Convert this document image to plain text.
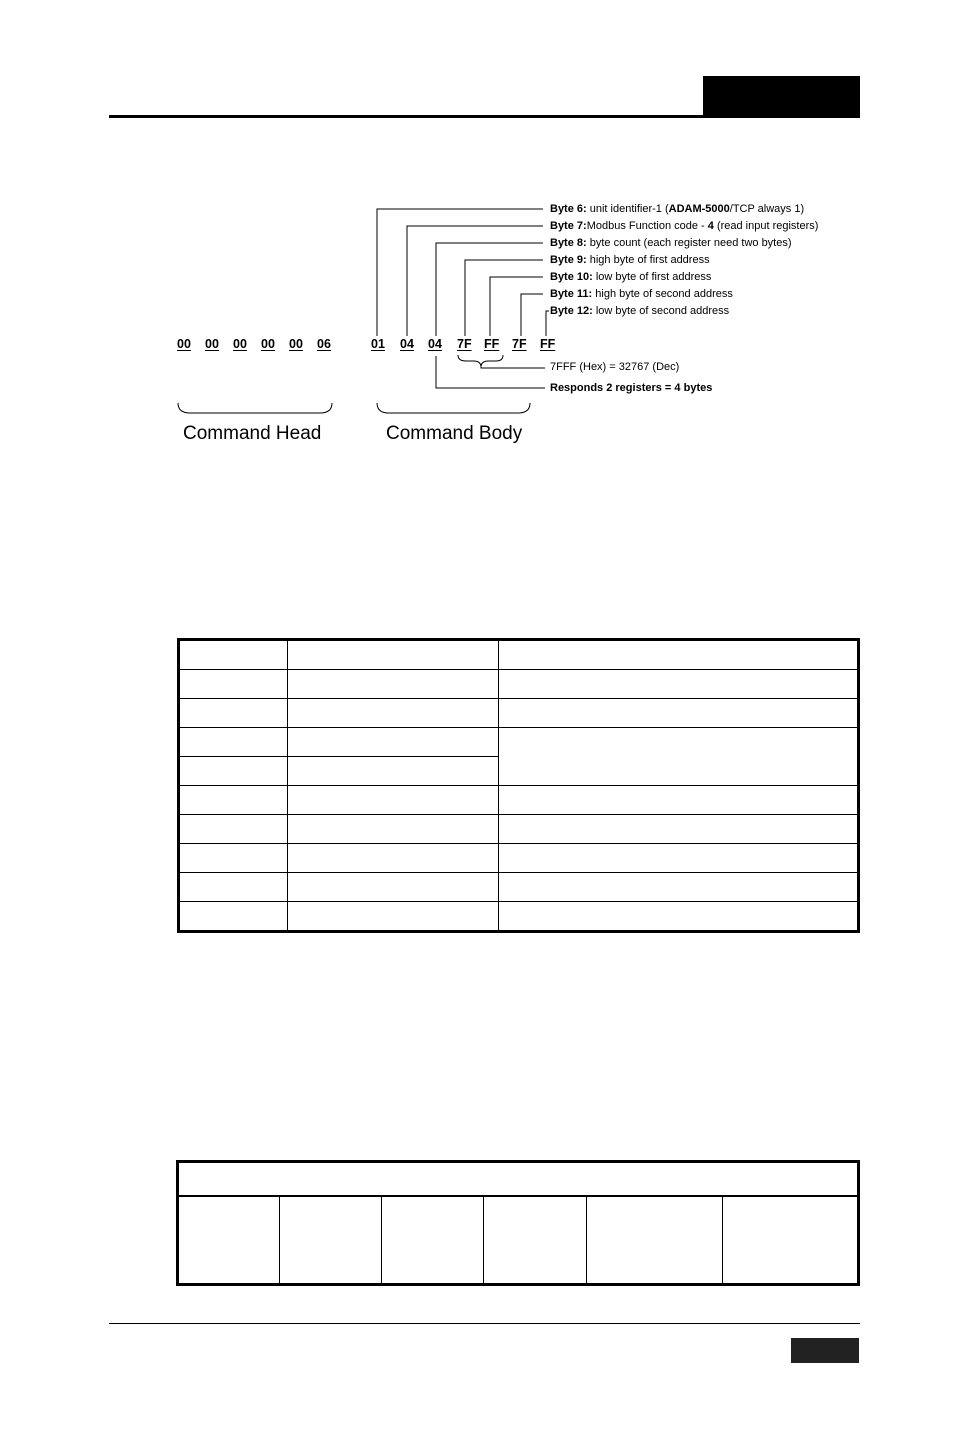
00 00 00 00 00 06	01 04 04 7F FF 7F FF
Byte 6: unit identifier-1 (ADAM-5000/TCP always 1)
Byte 7:Modbus Function code - 4 (read input registers)
Byte 8: byte count (each register need two bytes)
Byte 9: high byte of first address
Byte 10: low byte of first address
Byte 11: high byte of second address
Byte 12: low byte of second address
7FFF (Hex) = 32767 (Dec)
Responds 2 registers = 4 bytes
Command Head	Command Body
